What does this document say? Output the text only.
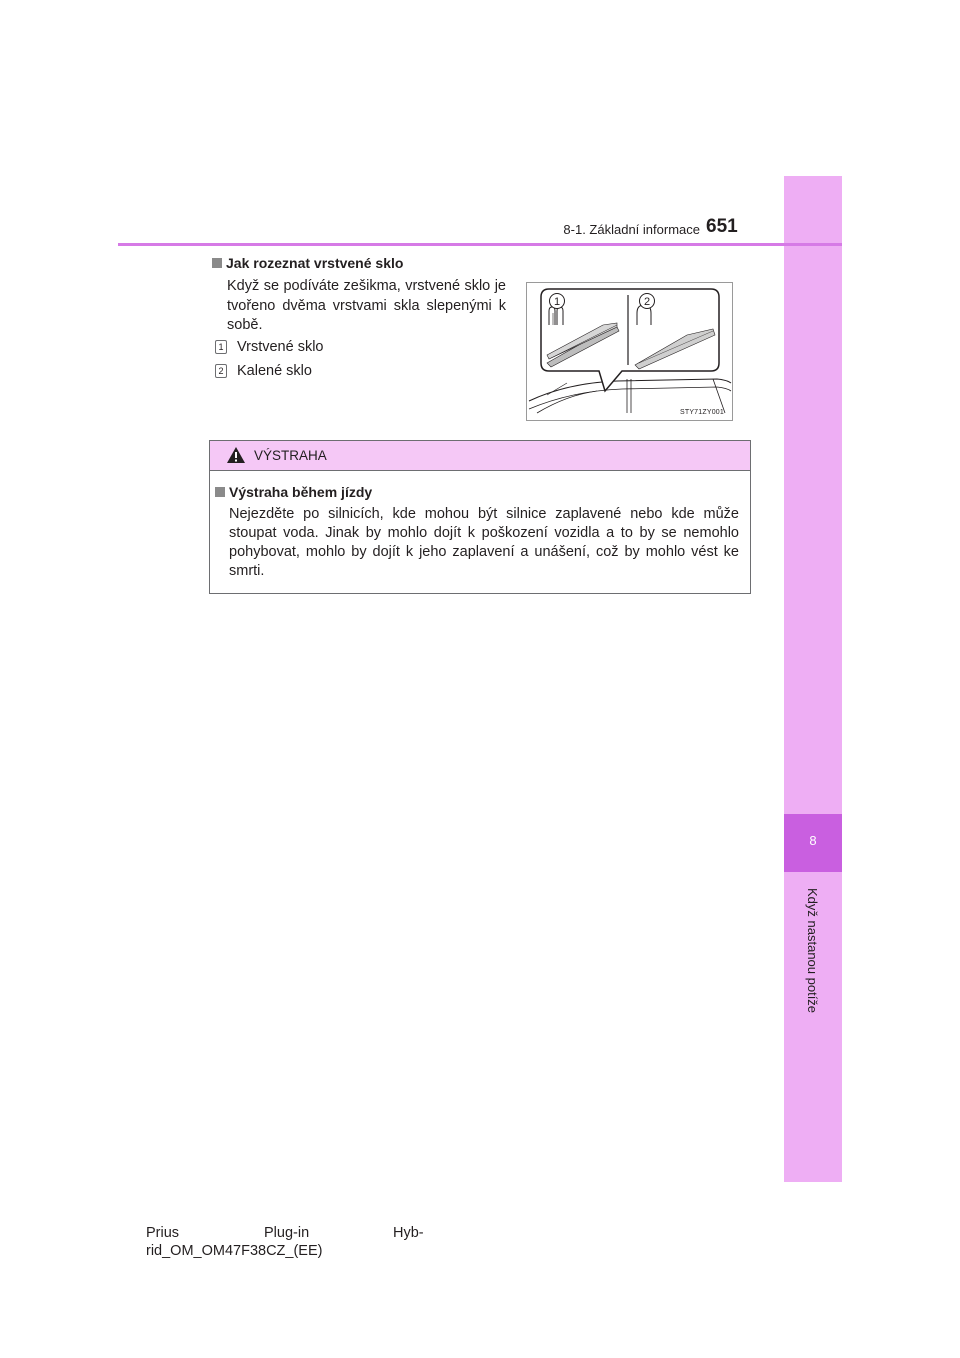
8
Když nastanou potíže
8-1. Základní informace 651
Jak rozeznat vrstvené sklo
Když se podíváte zešikma, vrstvené sklo je tvořeno dvěma vrstvami skla slepenými k sobě.
1 Vrstvené sklo
2 Kalené sklo
1	2
STY71ZY001
VÝSTRAHA
Výstraha během jízdy
Nejezděte po silnicích, kde mohou být silnice zaplavené nebo kde může stoupat voda. Jinak by mohlo dojít k poškození vozidla a to by se nemohlo pohybovat, mohlo by dojít k jeho zaplavení a unášení, což by mohlo vést ke smrti.
Prius	Plug-in	Hyb-
rid_OM_OM47F38CZ_(EE)
